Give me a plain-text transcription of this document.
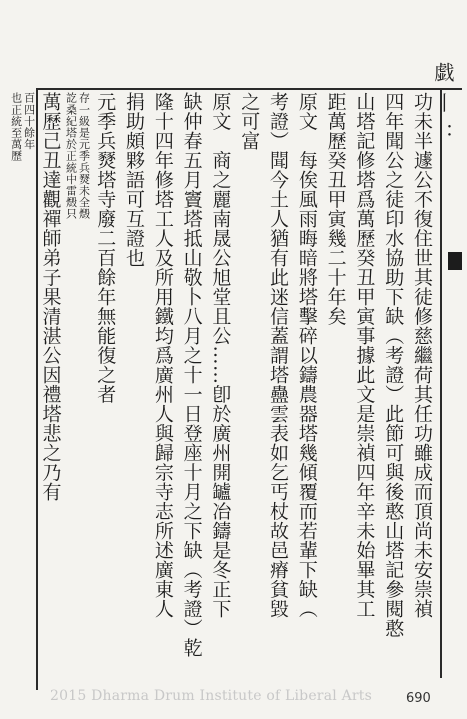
戯 丨 ：
功未半遽公不復住世其徒修慈繼荷其任功雖成而頂尚未安崇禎
四年聞公之徒印水協助下缺（考證）此節可與後憨山塔記參閱憨
山塔記修塔爲萬歷癸丑甲寅事據此文是崇禎四年辛未始畢其工
距萬歷癸丑甲寅幾二十年矣
原文　每俟風雨晦暗將塔擊碎以鑄農器塔幾傾覆而若輩下缺（
考證）聞今土人猶有此迷信蓋謂塔蠱雲表如乞丐杖故邑瘠貧毀
之可富
原文　商之麗南晟公旭堂且公……卽於廣州開罏冶鑄是冬正下
缺仲春五月竇塔抵山敬卜八月之十一日登座十月之下缺（考證）乾
隆十四年修塔工人及所用鐵均爲廣州人與歸宗寺志所述廣東人
捐助頗夥語可互證也
元季兵燹塔寺廢二百餘年無能復之者
存一級是元季兵燹未全燬
訖桑紀塔於正統中雷燬只
萬歷己丑達觀禪師弟子果清湛公因禮塔悲之乃有
百四十餘年
也正統至萬歷
2015 Dharma Drum Institute of Liberal Arts	690
